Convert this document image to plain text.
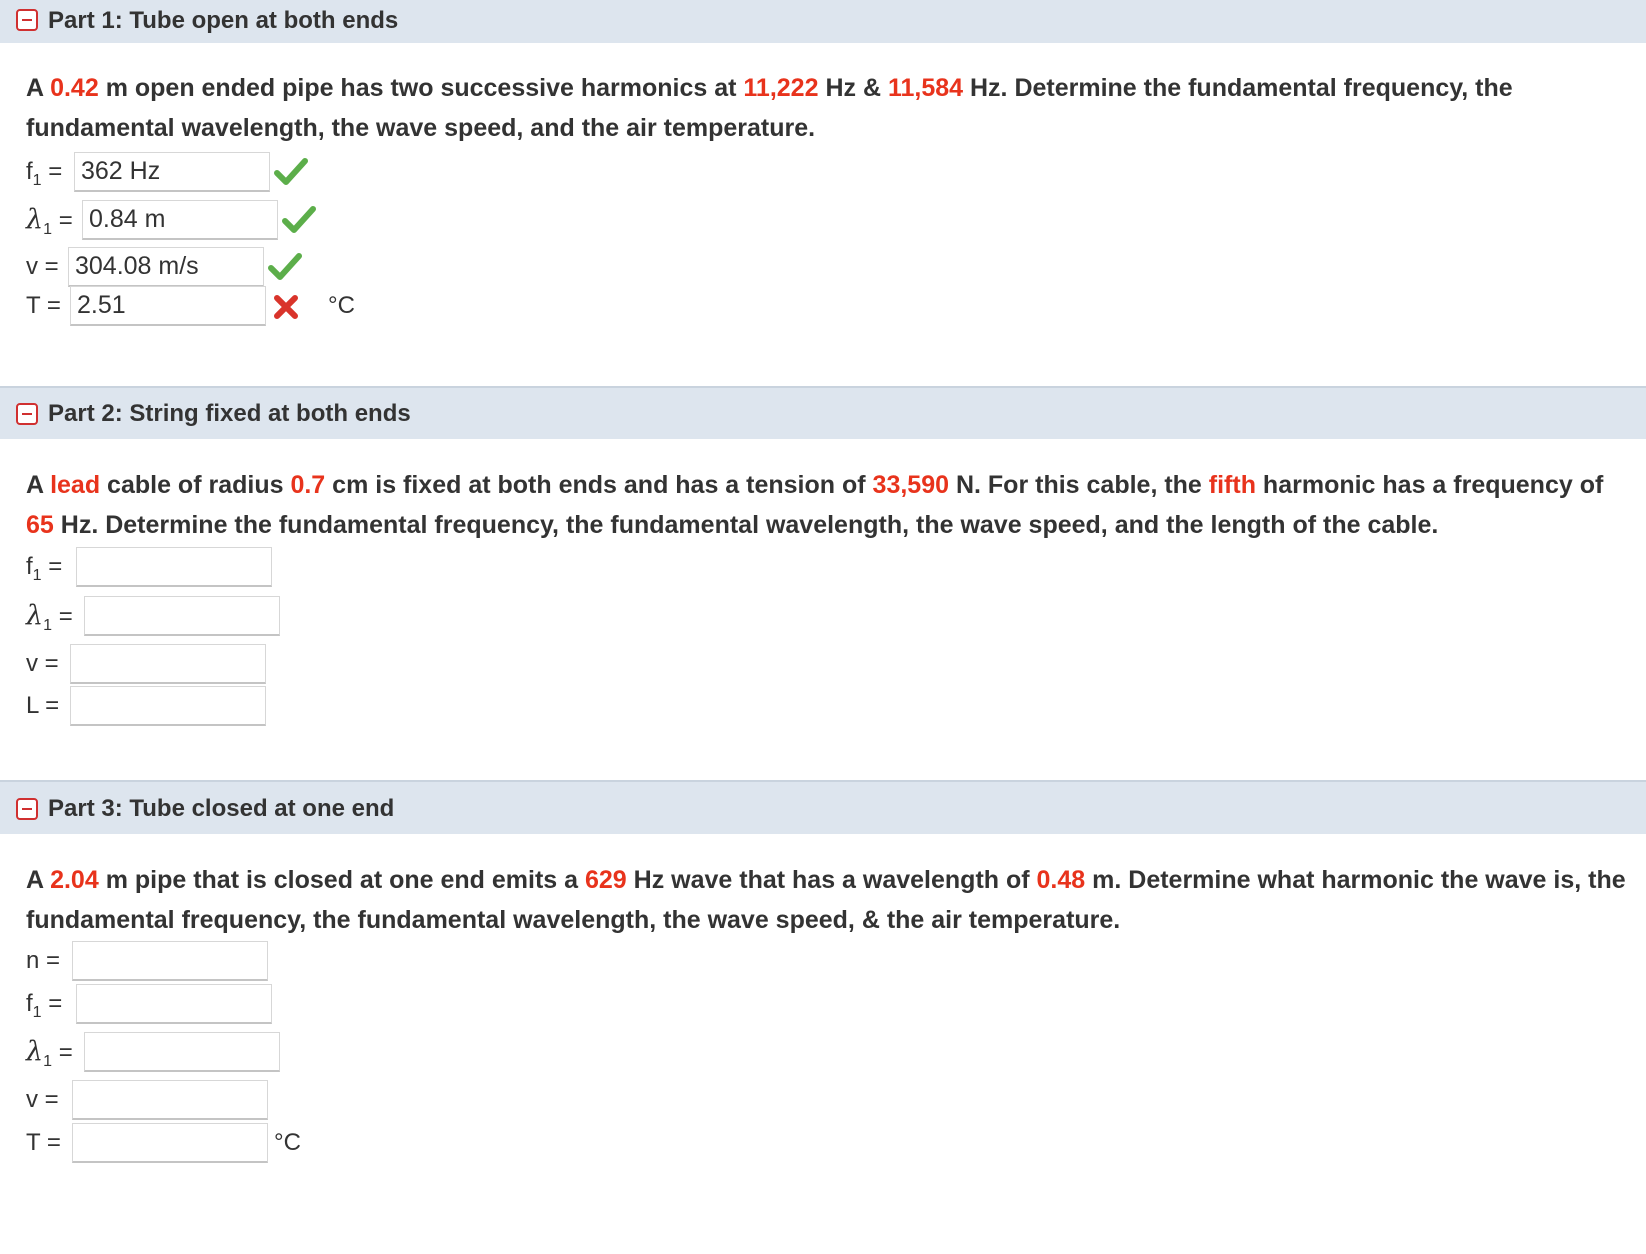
Part 1: Tube open at both ends
A 0.42 m open ended pipe has two successive harmonics at 11,222 Hz & 11,584 Hz. Determine the fundamental frequency, the fundamental wavelength, the wave speed, and the air temperature.
$f_1$ =
362 Hz
$\lambda_1$ =
0.84 m
v =
304.08 m/s
T =
2.51	°C
Part 2: String fixed at both ends
A lead cable of radius 0.7 cm is fixed at both ends and has a tension of 33,590 N. For this cable, the fifth harmonic has a frequency of 65 Hz. Determine the fundamental frequency, the fundamental wavelength, the wave speed, and the length of the cable.
$f_1$ =
$\lambda_1$ =
v =
L =
Part 3: Tube closed at one end
A 2.04 m pipe that is closed at one end emits a 629 Hz wave that has a wavelength of 0.48 m. Determine what harmonic the wave is, the fundamental frequency, the fundamental wavelength, the wave speed, & the air temperature.
n =
$f_1$ =
$\lambda_1$ =
v =
T =	°C
